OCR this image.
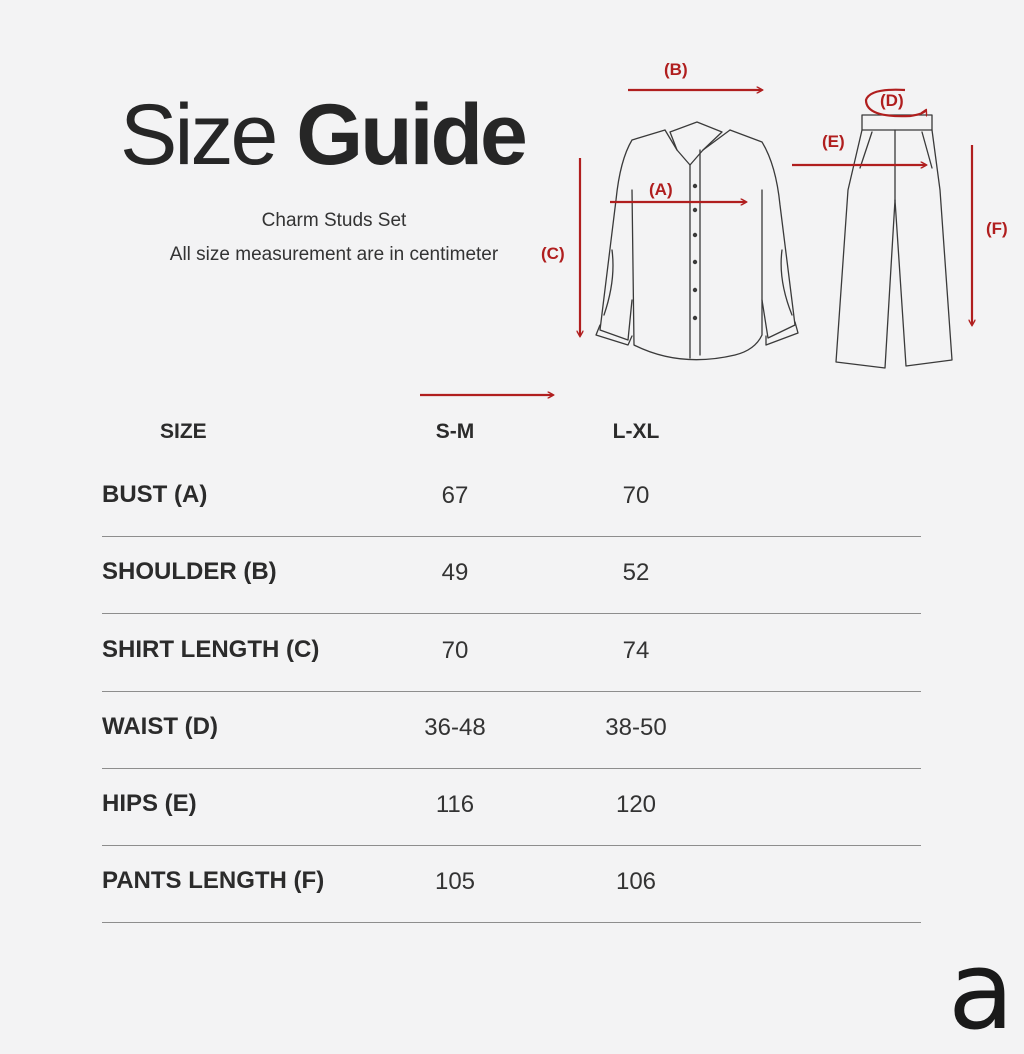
Size Guide
Charm Studs Set
All size measurement are in centimeter
(B)
(A)
(C)
(D)
(E)
(F)
SIZE	S-M	L-XL
BUST (A)	67	70
SHOULDER (B)	49	52
SHIRT LENGTH (C)	70	74
WAIST (D)	36-48	38-50
HIPS (E)	116	120
PANTS LENGTH (F)	105	106
a
